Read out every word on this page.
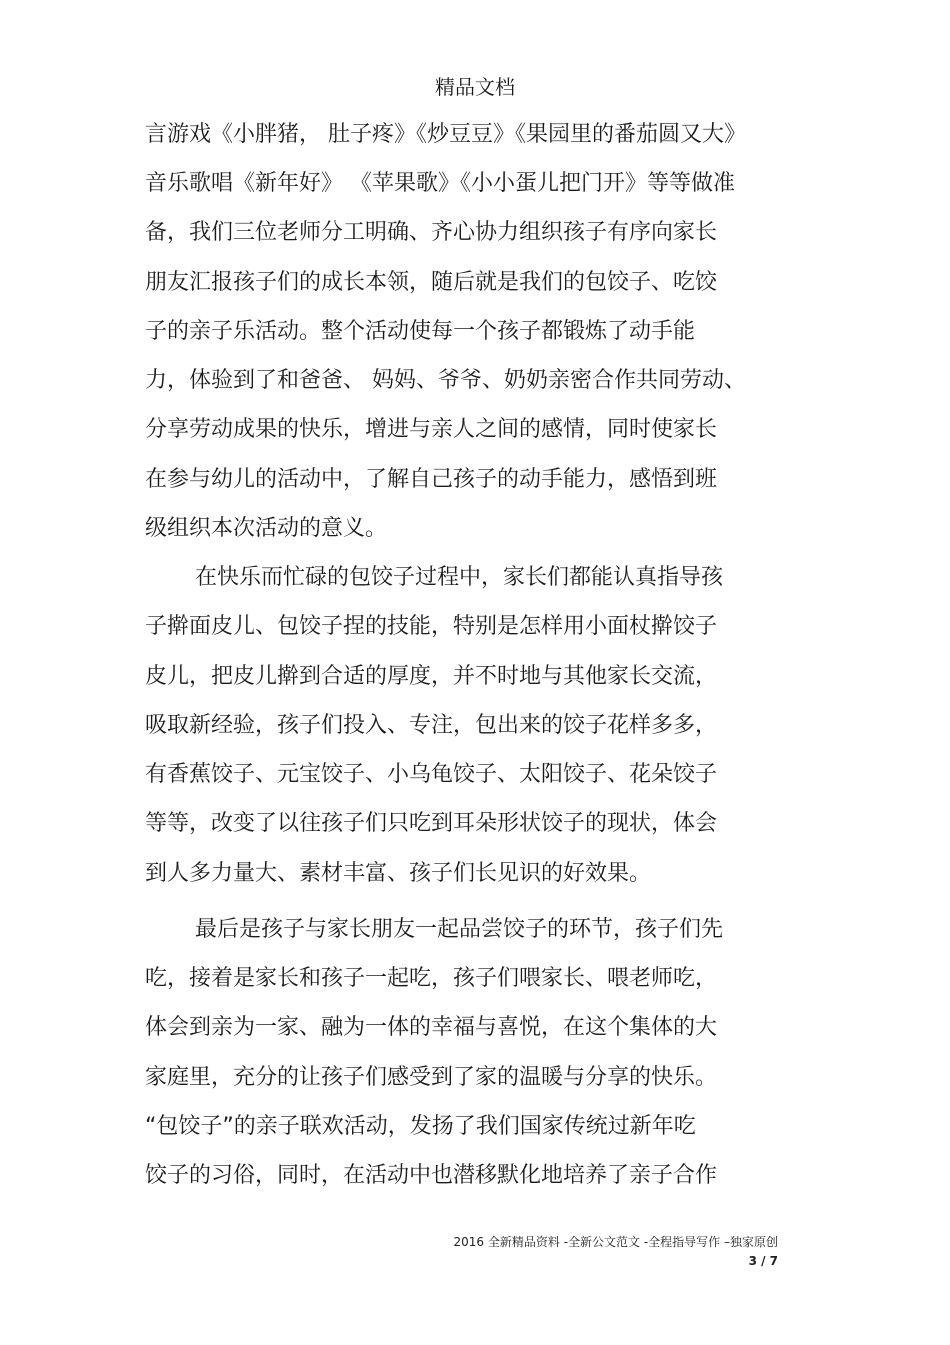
精品文档
言游戏《小胖猪， 肚子疼》《炒豆豆》《果园里的番茄圆又大》
音乐歌唱《新年好》 《苹果歌》《小小蛋儿把门开》等等做准
备，我们三位老师分工明确、齐心协力组织孩子有序向家长
朋友汇报孩子们的成长本领，随后就是我们的包饺子、吃饺
子的亲子乐活动。整个活动使每一个孩子都锻炼了动手能
力，体验到了和爸爸、 妈妈、爷爷、奶奶亲密合作共同劳动、
分享劳动成果的快乐，增进与亲人之间的感情，同时使家长
在参与幼儿的活动中，了解自己孩子的动手能力，感悟到班
级组织本次活动的意义。
在快乐而忙碌的包饺子过程中，家长们都能认真指导孩
子擀面皮儿、包饺子捏的技能，特别是怎样用小面杖擀饺子
皮儿，把皮儿擀到合适的厚度，并不时地与其他家长交流，
吸取新经验，孩子们投入、专注，包出来的饺子花样多多，
有香蕉饺子、元宝饺子、小乌龟饺子、太阳饺子、花朵饺子
等等，改变了以往孩子们只吃到耳朵形状饺子的现状，体会
到人多力量大、素材丰富、孩子们长见识的好效果。
最后是孩子与家长朋友一起品尝饺子的环节，孩子们先
吃，接着是家长和孩子一起吃，孩子们喂家长、喂老师吃，
体会到亲为一家、融为一体的幸福与喜悦，在这个集体的大
家庭里，充分的让孩子们感受到了家的温暖与分享的快乐。
“包饺子”的亲子联欢活动，发扬了我们国家传统过新年吃
饺子的习俗，同时，在活动中也潜移默化地培养了亲子合作
2016 全新精品资料 -全新公文范文 -全程指导写作 –独家原创
3 / 7
